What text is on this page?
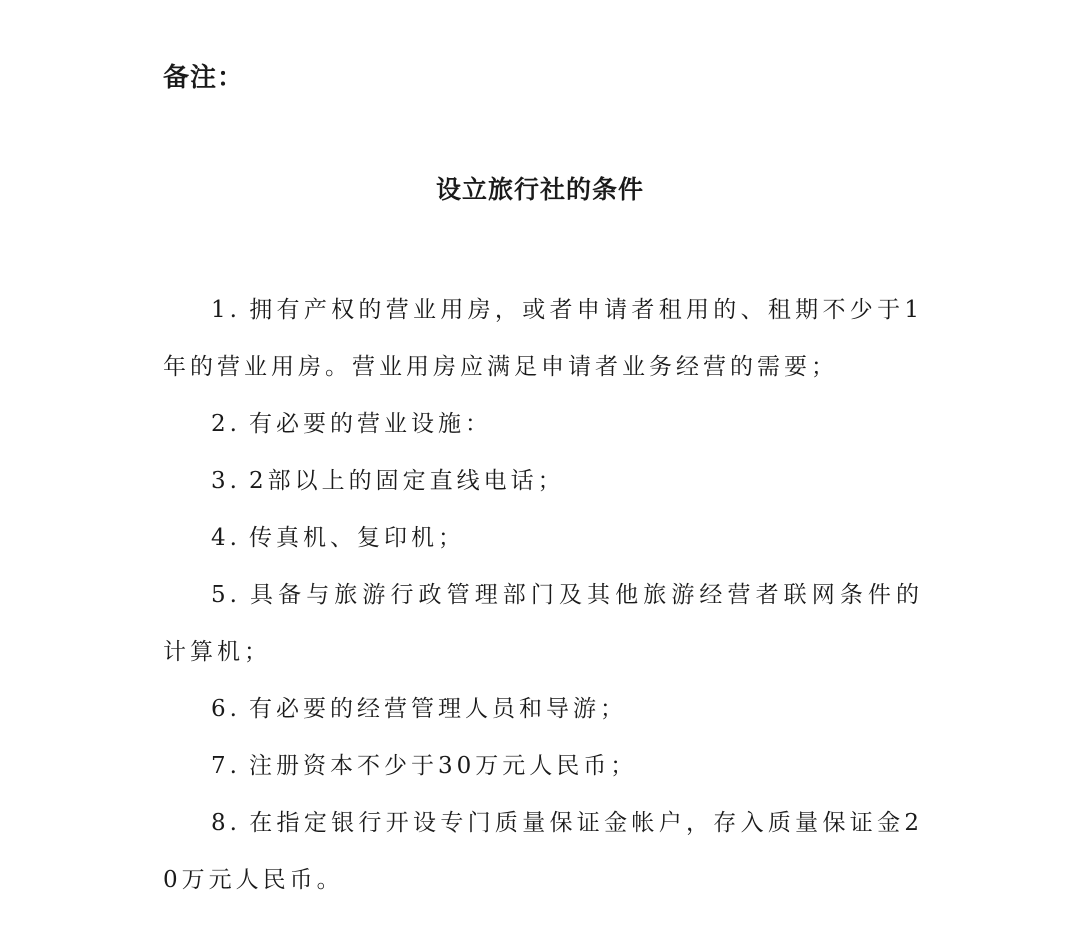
备注：
设立旅行社的条件
1. 拥有产权的营业用房，或者申请者租用的、租期不少于1年的营业用房。营业用房应满足申请者业务经营的需要；
2. 有必要的营业设施：
3. 2部以上的固定直线电话；
4. 传真机、复印机；
5. 具备与旅游行政管理部门及其他旅游经营者联网条件的计算机；
6. 有必要的经营管理人员和导游；
7. 注册资本不少于30万元人民币；
8. 在指定银行开设专门质量保证金帐户，存入质量保证金20万元人民币。
